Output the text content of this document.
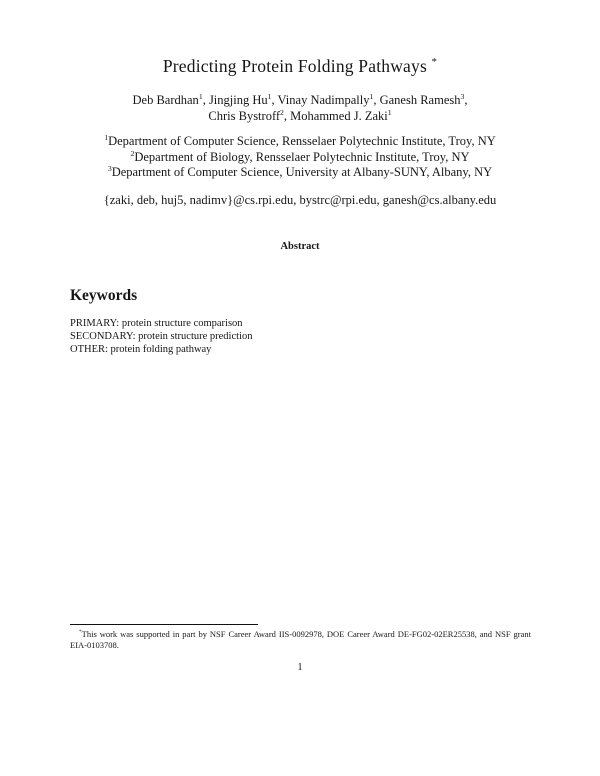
Predicting Protein Folding Pathways *
Deb Bardhan$^1$, Jingjing Hu$^1$, Vinay Nadimpally$^1$, Ganesh Ramesh$^3$,
Chris Bystroff$^2$, Mohammed J. Zaki$^1$
$^1$Department of Computer Science, Rensselaer Polytechnic Institute, Troy, NY
$^2$Department of Biology, Rensselaer Polytechnic Institute, Troy, NY
$^3$Department of Computer Science, University at Albany-SUNY, Albany, NY
{zaki, deb, huj5, nadimv}@cs.rpi.edu, bystrc@rpi.edu, ganesh@cs.albany.edu
Abstract
Keywords
PRIMARY: protein structure comparison
SECONDARY: protein structure prediction
OTHER: protein folding pathway
*This work was supported in part by NSF Career Award IIS-0092978, DOE Career Award DE-FG02-02ER25538, and NSF grant EIA-0103708.
1
